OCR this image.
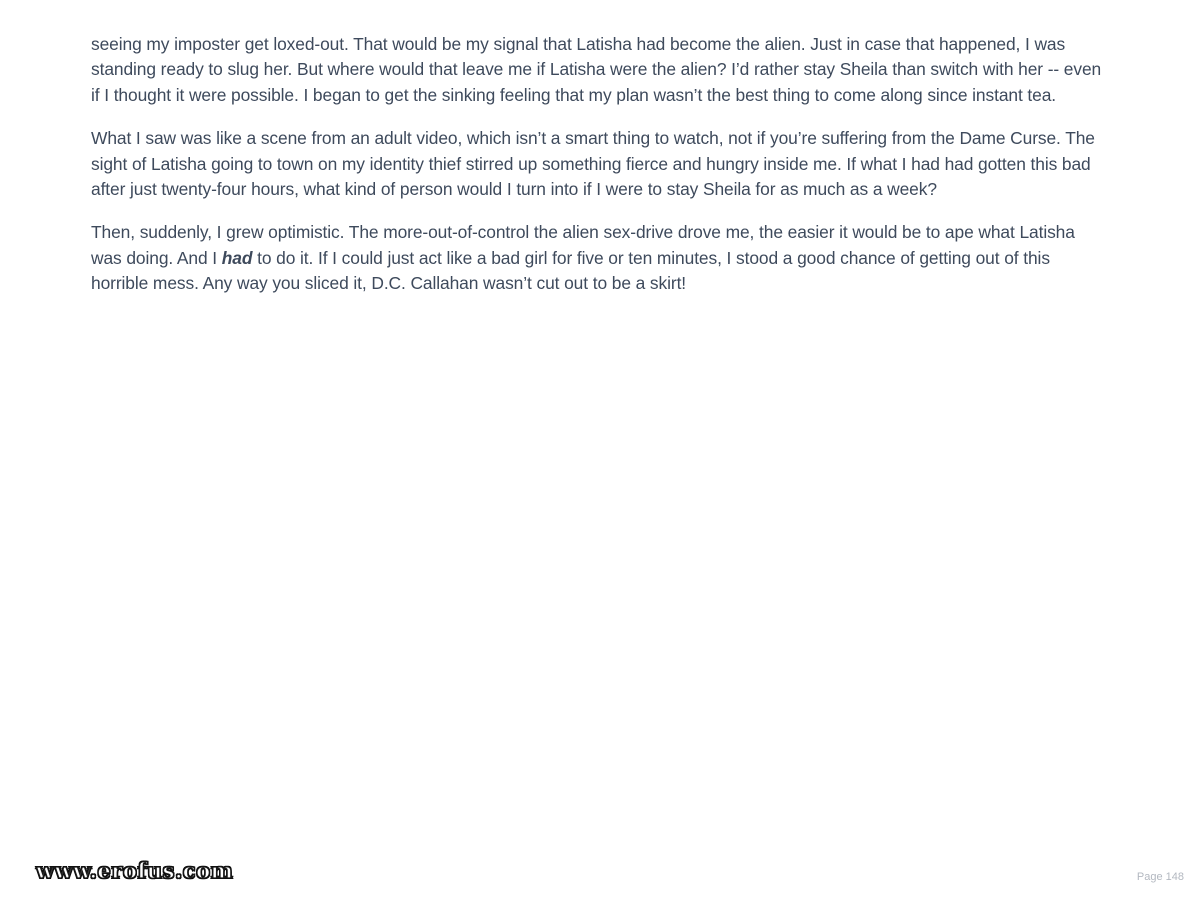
seeing my imposter get loxed-out. That would be my signal that Latisha had become the alien. Just in case that happened, I was standing ready to slug her. But where would that leave me if Latisha were the alien? I’d rather stay Sheila than switch with her -- even if I thought it were possible. I began to get the sinking feeling that my plan wasn’t the best thing to come along since instant tea.

What I saw was like a scene from an adult video, which isn’t a smart thing to watch, not if you’re suffering from the Dame Curse. The sight of Latisha going to town on my identity thief stirred up something fierce and hungry inside me. If what I had had gotten this bad after just twenty-four hours, what kind of person would I turn into if I were to stay Sheila for as much as a week?

Then, suddenly, I grew optimistic. The more-out-of-control the alien sex-drive drove me, the easier it would be to ape what Latisha was doing. And I had to do it. If I could just act like a bad girl for five or ten minutes, I stood a good chance of getting out of this horrible mess. Any way you sliced it, D.C. Callahan wasn’t cut out to be a skirt!

www.erofus.com	Page 148
